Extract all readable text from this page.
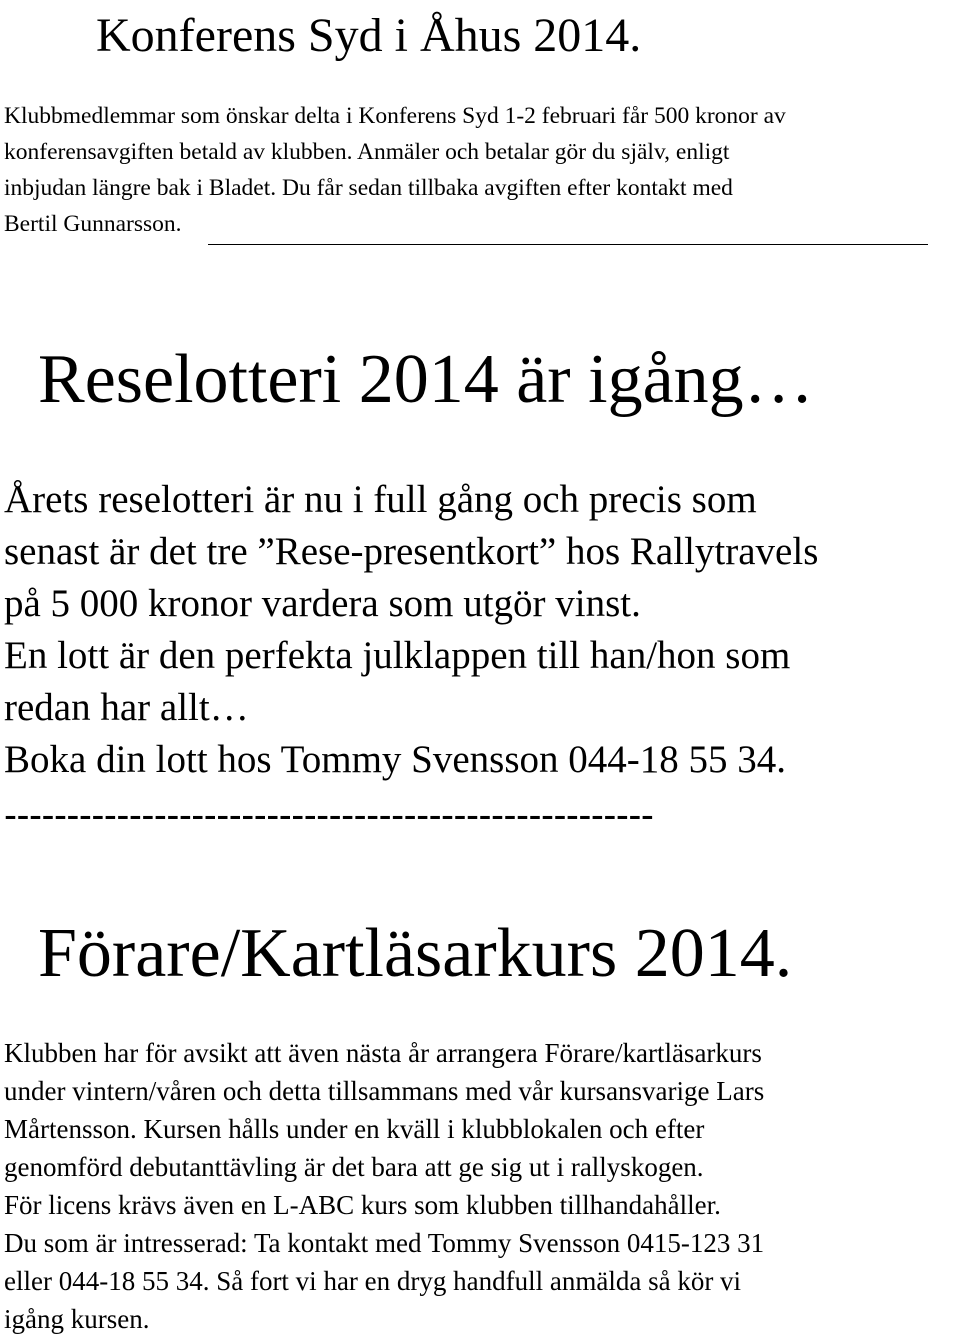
Konferens Syd i Åhus 2014.

Klubbmedlemmar som önskar delta i Konferens Syd 1-2 februari får 500 kronor av

konferensavgiften betald av klubben. Anmäler och betalar gör du själv, enligt

inbjudan längre bak i Bladet. Du får sedan tillbaka avgiften efter kontakt med

Bertil Gunnarsson.

Reselotteri 2014 är igång…

Årets reselotteri är nu i full gång och precis som

senast är det tre ”Rese-presentkort” hos Rallytravels

på 5 000 kronor vardera som utgör vinst.

En lott är den perfekta julklappen till han/hon som

redan har allt…

Boka din lott hos Tommy Svensson 044-18 55 34.

----------------------------------------------------

Förare/Kartläsarkurs 2014.

Klubben har för avsikt att även nästa år arrangera Förare/kartläsarkurs

under vintern/våren och detta tillsammans med vår kursansvarige Lars

Mårtensson. Kursen hålls under en kväll i klubblokalen och efter

genomförd debutanttävling är det bara att ge sig ut i rallyskogen.

För licens krävs även en L-ABC kurs som klubben tillhandahåller.

Du som är intresserad: Ta kontakt med Tommy Svensson 0415-123 31

eller 044-18 55 34. Så fort vi har en dryg handfull anmälda så kör vi

igång kursen.
